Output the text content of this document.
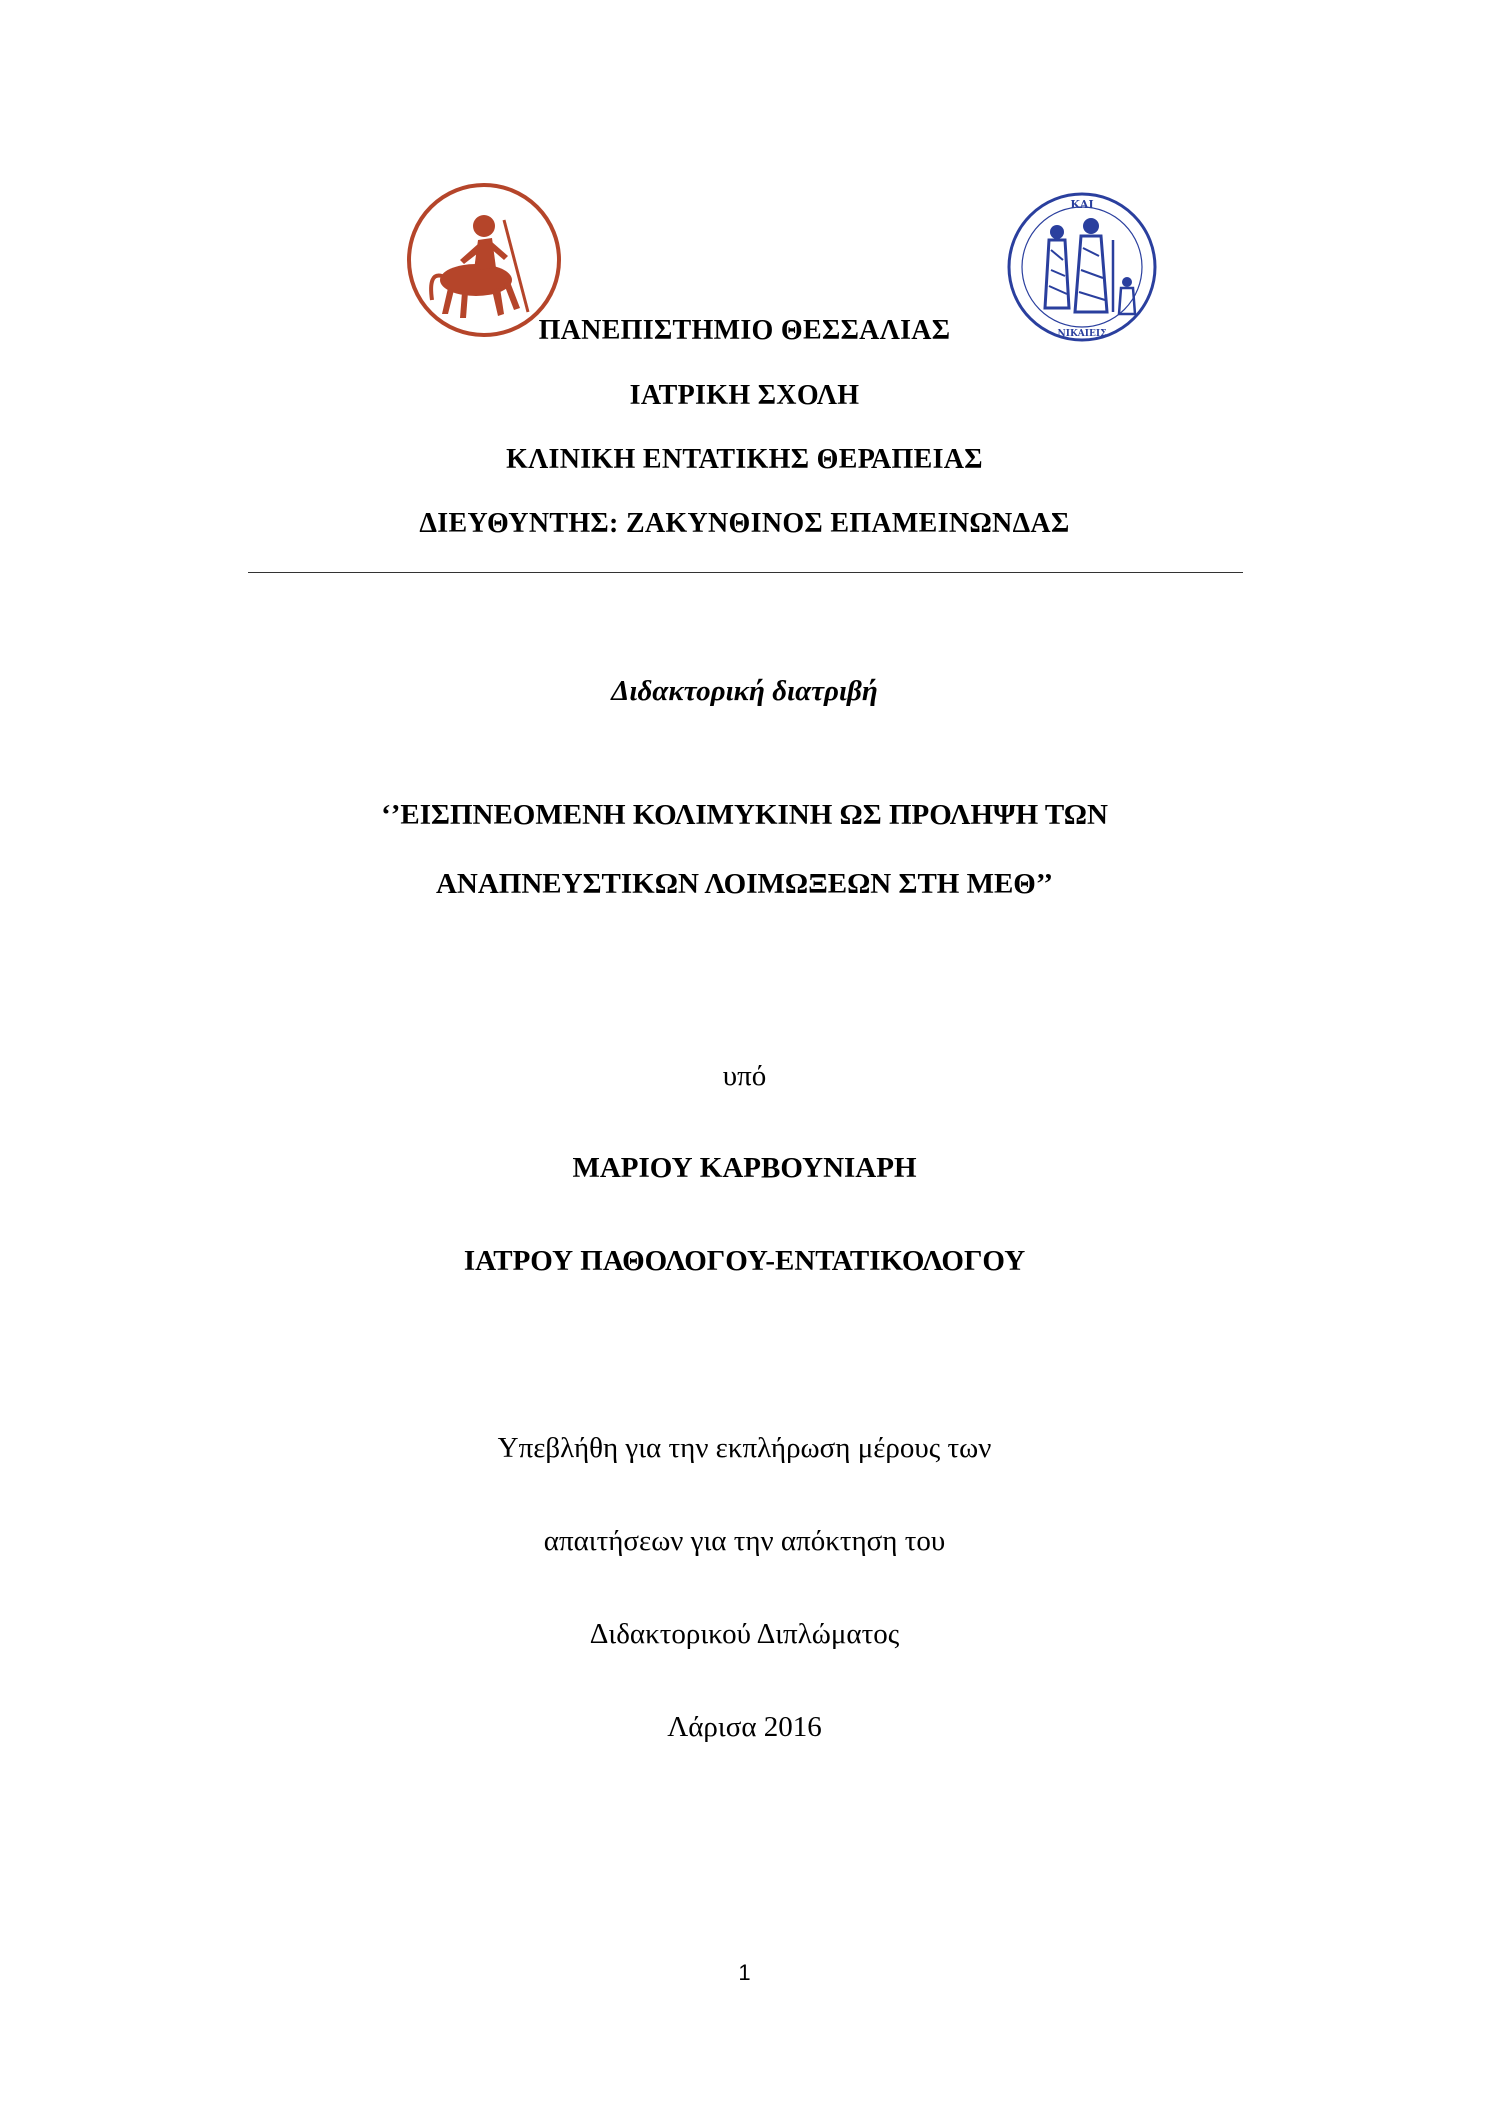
ΚΑΙ
ΝΙΚΑΙΕΙΣ
ΠΑΝΕΠΙΣΤΗΜΙΟ ΘΕΣΣΑΛΙΑΣ
ΙΑΤΡΙΚΗ ΣΧΟΛΗ
ΚΛΙΝΙΚΗ ΕΝΤΑΤΙΚΗΣ ΘΕΡΑΠΕΙΑΣ
ΔΙΕΥΘΥΝΤΗΣ: ΖΑΚΥΝΘΙΝΟΣ ΕΠΑΜΕΙΝΩΝΔΑΣ
Διδακτορική διατριβή
‘’ΕΙΣΠΝΕΟΜΕΝΗ ΚΟΛΙΜΥΚΙΝΗ ΩΣ ΠΡΟΛΗΨΗ ΤΩΝ
ΑΝΑΠΝΕΥΣΤΙΚΩΝ ΛΟΙΜΩΞΕΩΝ ΣΤΗ ΜΕΘ’’
υπό
ΜΑΡΙΟΥ ΚΑΡΒΟΥΝΙΑΡΗ
ΙΑΤΡΟΥ ΠΑΘΟΛΟΓΟΥ-ΕΝΤΑΤΙΚΟΛΟΓΟΥ
Υπεβλήθη για την εκπλήρωση μέρους των
απαιτήσεων για την απόκτηση του
Διδακτορικού Διπλώματος
Λάρισα 2016
1
